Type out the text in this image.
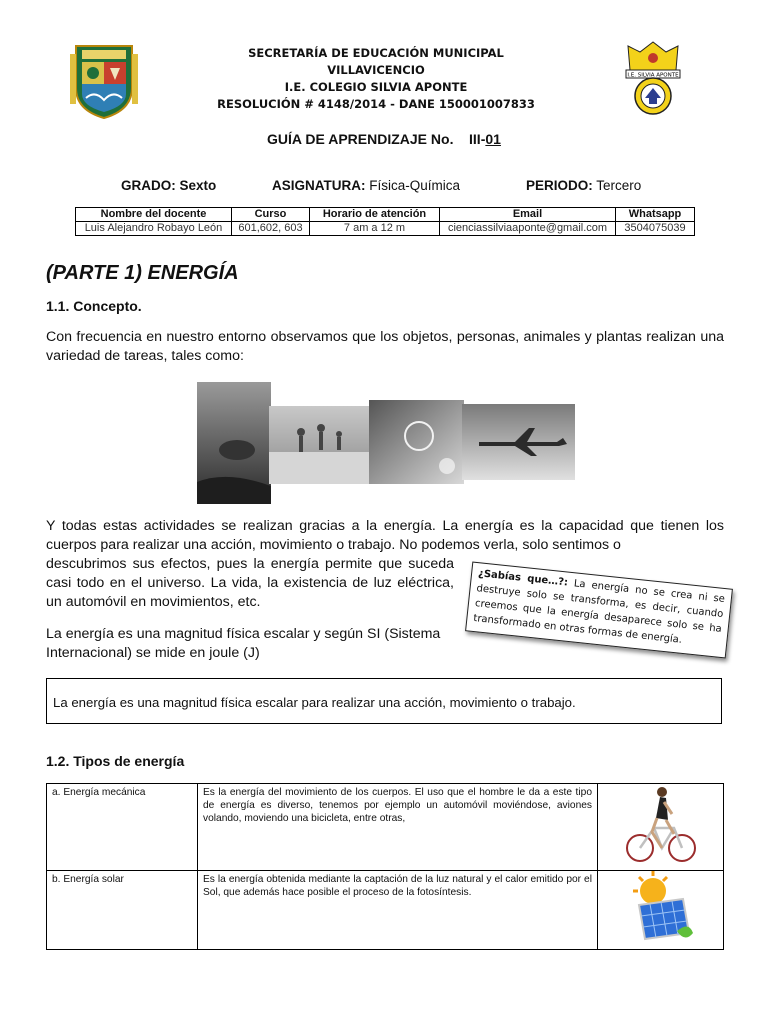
I.E. SILVIA APONTE
SECRETARÍA DE EDUCACIÓN MUNICIPAL
VILLAVICENCIO
I.E. COLEGIO SILVIA APONTE
RESOLUCIÓN # 4148/2014 - DANE 150001007833
GUÍA DE APRENDIZAJE No. III-01
GRADO: Sexto	ASIGNATURA: Física-Química	PERIODO: Tercero
Nombre del docente	Curso	Horario de atención	Email	Whatsapp
Luis Alejandro Robayo León	601,602, 603	7 am a 12 m	cienciassilviaaponte@gmail.com	3504075039
(PARTE 1) ENERGÍA
1.1. Concepto.
Con frecuencia en nuestro entorno observamos que los objetos, personas, animales y plantas realizan una variedad de tareas, tales como:
Y todas estas actividades se realizan gracias a la energía. La energía es la capacidad que tienen los cuerpos para realizar una acción, movimiento o trabajo. No podemos verla, solo sentimos o
descubrimos sus efectos, pues la energía permite que suceda casi todo en el universo. La vida, la existencia de luz eléctrica, un automóvil en movimientos, etc.
La energía es una magnitud física escalar y según SI (Sistema Internacional) se mide en joule (J)
¿Sabías que…?: La energía no se crea ni se destruye solo se transforma, es decir, cuando creemos que la energía desaparece solo se ha transformado en otras formas de energía.
La energía es una magnitud física escalar para realizar una acción, movimiento o trabajo.
1.2. Tipos de energía
a. Energía mecánica	Es la energía del movimiento de los cuerpos. El uso que el hombre le da a este tipo de energía es diverso, tenemos por ejemplo un automóvil moviéndose, aviones volando, moviendo una bicicleta, entre otras,	
b. Energía solar	Es la energía obtenida mediante la captación de la luz natural y el calor emitido por el Sol, que además hace posible el proceso de la fotosíntesis.	
